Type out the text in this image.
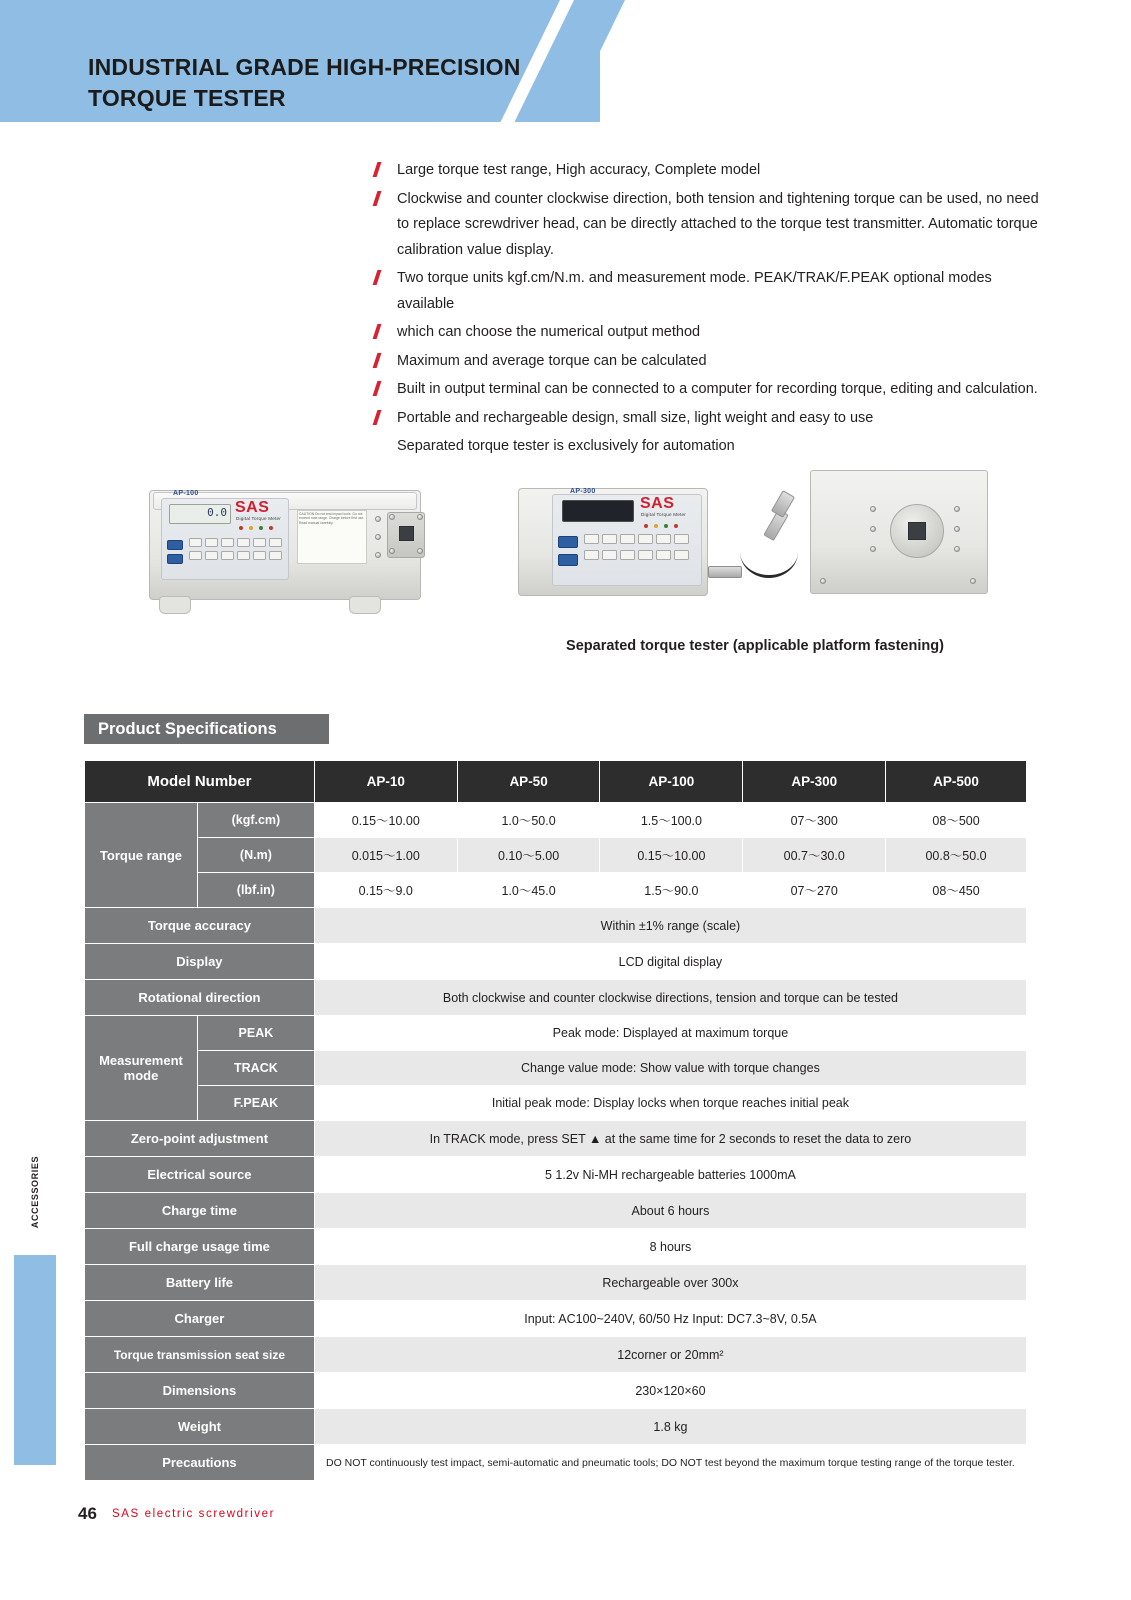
INDUSTRIAL GRADE HIGH-PRECISION
TORQUE TESTER
ACCESSORIES
Large torque test range, High accuracy, Complete model
Clockwise and counter clockwise direction, both tension and tightening torque can be used, no need to replace screwdriver head, can be directly attached to the torque test transmitter. Automatic torque calibration value display.
Two torque units kgf.cm/N.m. and measurement mode. PEAK/TRAK/F.PEAK optional modes available
which can choose the numerical output method
Maximum and average torque can be calculated
Built in output terminal can be connected to a computer for recording torque, editing and calculation.
Portable and rechargeable design, small size, light weight and easy to use
Separated torque tester is exclusively for automation
0.0
AP-100
SAS
Digital Torque Meter
CAUTION Do not test impact tools. Do not exceed max range. Charge before first use. Read manual carefully.
AP-300
SAS
Digital Torque Meter
Separated torque tester (applicable platform fastening)
Product Specifications
Model Number		AP-10	AP-50	AP-100	AP-300	AP-500
Torque range	(kgf.cm)	0.15～10.00	1.0～50.0	1.5～100.0	07～300	08～500
	(N.m)	0.015～1.00	0.10～5.00	0.15～10.00	00.7～30.0	00.8～50.0
	(lbf.in)	0.15～9.0	1.0～45.0	1.5～90.0	07～270	08～450
Torque accuracy		Within ±1% range (scale)				
Display		LCD digital display				
Rotational direction		Both clockwise and counter clockwise directions, tension and torque can be tested				
Measurement mode	PEAK	Peak mode: Displayed at maximum torque				
	TRACK	Change value mode: Show value with torque changes				
	F.PEAK	Initial peak mode: Display locks when torque reaches initial peak				
Zero-point adjustment		In TRACK mode, press SET ▲ at the same time for 2 seconds to reset the data to zero				
Electrical source		5 1.2v Ni-MH rechargeable batteries 1000mA				
Charge time		About 6 hours				
Full charge usage time		8 hours				
Battery life		Rechargeable over 300x				
Charger		Input: AC100~240V, 60/50 Hz Input: DC7.3~8V, 0.5A				
Torque transmission seat size		12corner or 20mm²				
Dimensions		230×120×60				
Weight		1.8 kg				
Precautions		DO NOT continuously test impact, semi-automatic and pneumatic tools; DO NOT test beyond the maximum torque testing range of the torque tester.				
46 SAS electric screwdriver
